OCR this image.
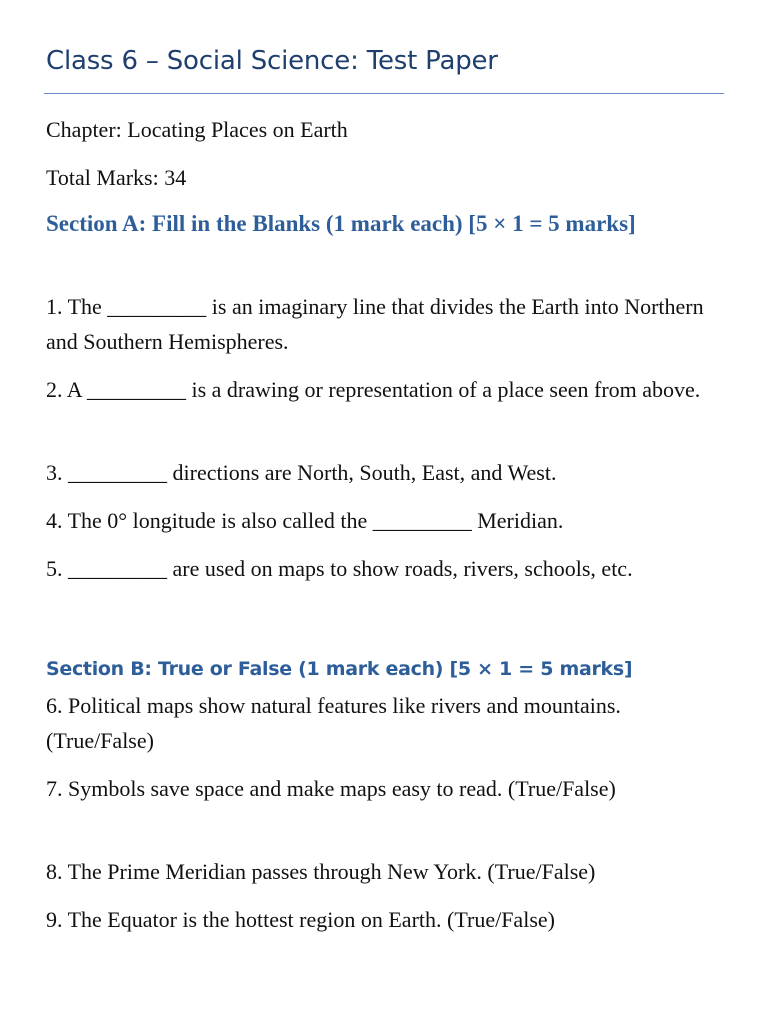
Class 6 – Social Science: Test Paper
Chapter: Locating Places on Earth
Total Marks: 34
Section A: Fill in the Blanks (1 mark each) [5 × 1 = 5 marks]
1. The _________ is an imaginary line that divides the Earth into Northern and Southern Hemispheres.
2. A _________ is a drawing or representation of a place seen from above.
3. _________ directions are North, South, East, and West.
4. The 0° longitude is also called the _________ Meridian.
5. _________ are used on maps to show roads, rivers, schools, etc.
Section B: True or False (1 mark each) [5 × 1 = 5 marks]
6. Political maps show natural features like rivers and mountains. (True/False)
7. Symbols save space and make maps easy to read. (True/False)
8. The Prime Meridian passes through New York. (True/False)
9. The Equator is the hottest region on Earth. (True/False)
